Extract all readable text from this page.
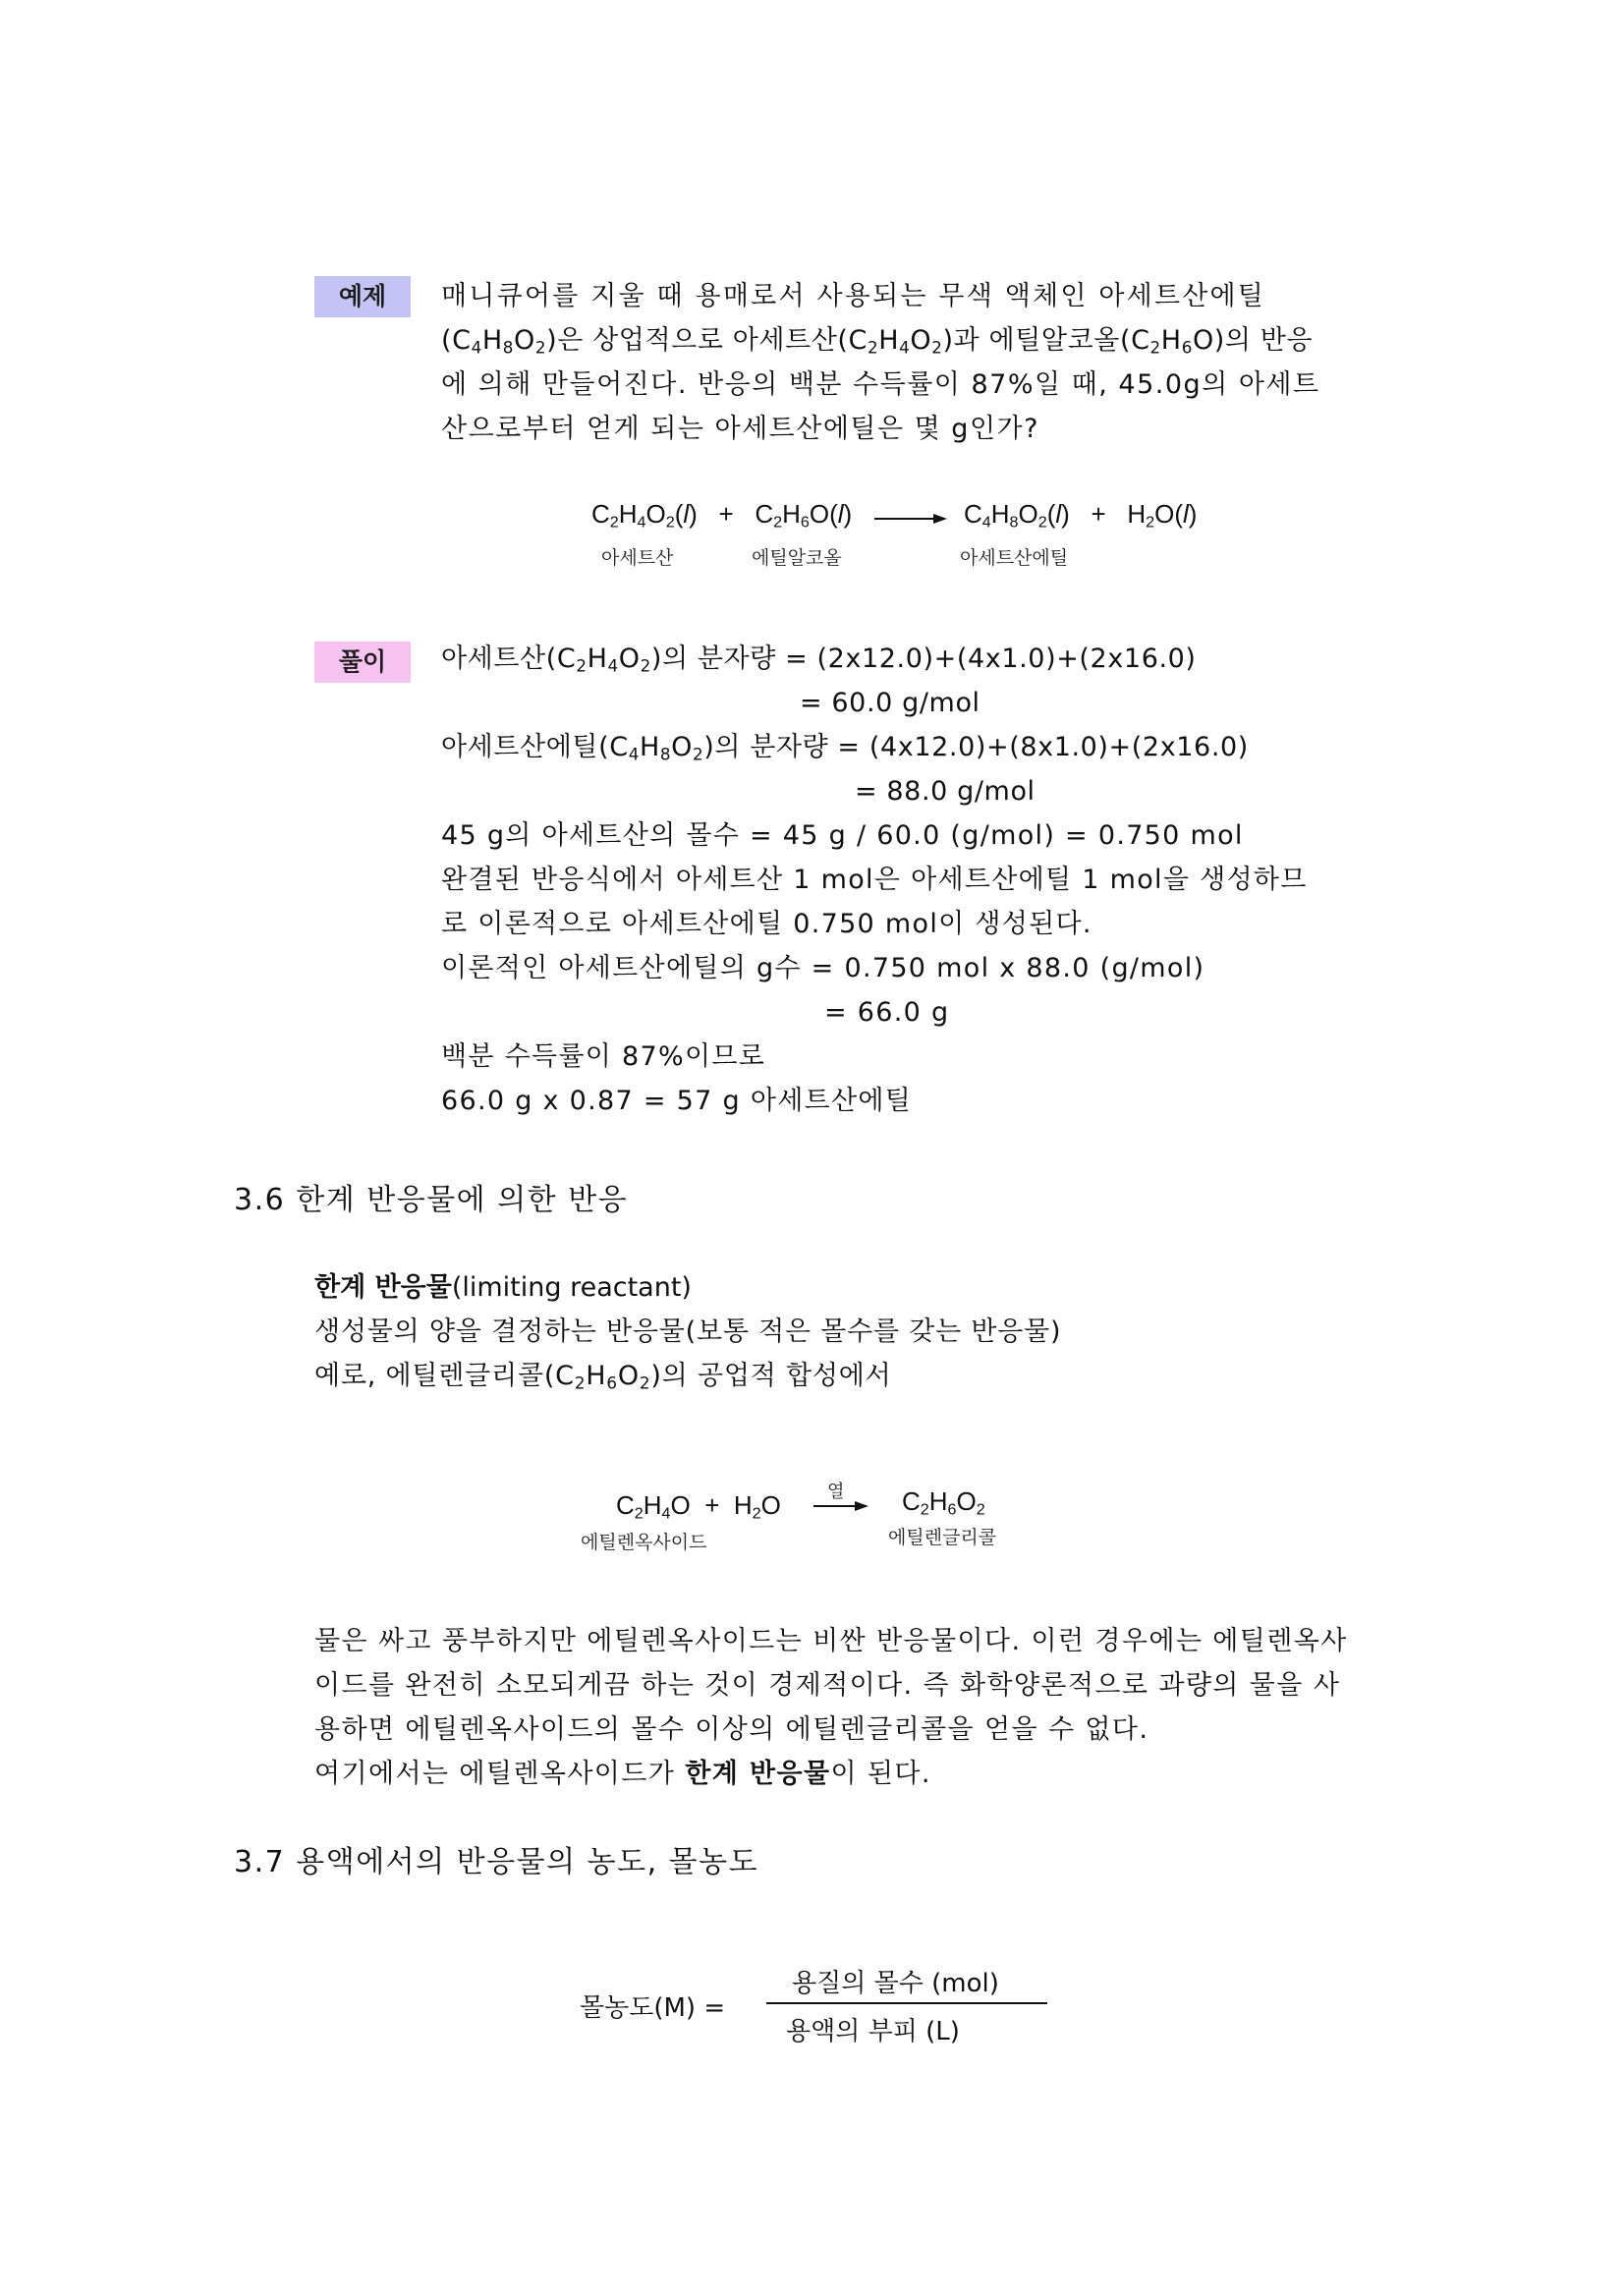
예제	매니큐어를 지울 때 용매로서 사용되는 무색 액체인 아세트산에틸
$(C_4H_8O_2)$은 상업적으로 아세트산$(C_2H_4O_2)$과 에틸알코올$(C_2H_6O)$의 반응
에 의해 만들어진다. 반응의 백분 수득률이 87%일 때, 45.0g의 아세트
산으로부터 얻게 되는 아세트산에틸은 몇 g인가?
$C_2H_4O_2(l) + C_2H_6O(l)$	$C_4H_8O_2(l) + H_2O(l)$
아세트산	에틸알코올	아세트산에틸
풀이	아세트산$(C_2H_4O_2)$의 분자량 = (2x12.0)+(4x1.0)+(2x16.0)
= 60.0 g/mol
아세트산에틸$(C_4H_8O_2)$의 분자량 = (4x12.0)+(8x1.0)+(2x16.0)
= 88.0 g/mol
45 g의 아세트산의 몰수 = 45 g / 60.0 (g/mol) = 0.750 mol
완결된 반응식에서 아세트산 1 mol은 아세트산에틸 1 mol을 생성하므
로 이론적으로 아세트산에틸 0.750 mol이 생성된다.
이론적인 아세트산에틸의 g수 = 0.750 mol x 88.0 (g/mol)
= 66.0 g
백분 수득률이 87%이므로
66.0 g x 0.87 = 57 g 아세트산에틸
3.6 한계 반응물에 의한 반응
한계 반응물(limiting reactant)
생성물의 양을 결정하는 반응물(보통 적은 몰수를 갖는 반응물)
예로, 에틸렌글리콜$(C_2H_6O_2)$의 공업적 합성에서
$C_2H_4O + H_2O$	열 $C_2H_6O_2$
에틸렌옥사이드	에틸렌글리콜
물은 싸고 풍부하지만 에틸렌옥사이드는 비싼 반응물이다. 이런 경우에는 에틸렌옥사
이드를 완전히 소모되게끔 하는 것이 경제적이다. 즉 화학양론적으로 과량의 물을 사
용하면 에틸렌옥사이드의 몰수 이상의 에틸렌글리콜을 얻을 수 없다.
여기에서는 에틸렌옥사이드가 한계 반응물이 된다.
3.7 용액에서의 반응물의 농도, 몰농도
몰농도(M) =
용질의 몰수 (mol)
용액의 부피 (L)
